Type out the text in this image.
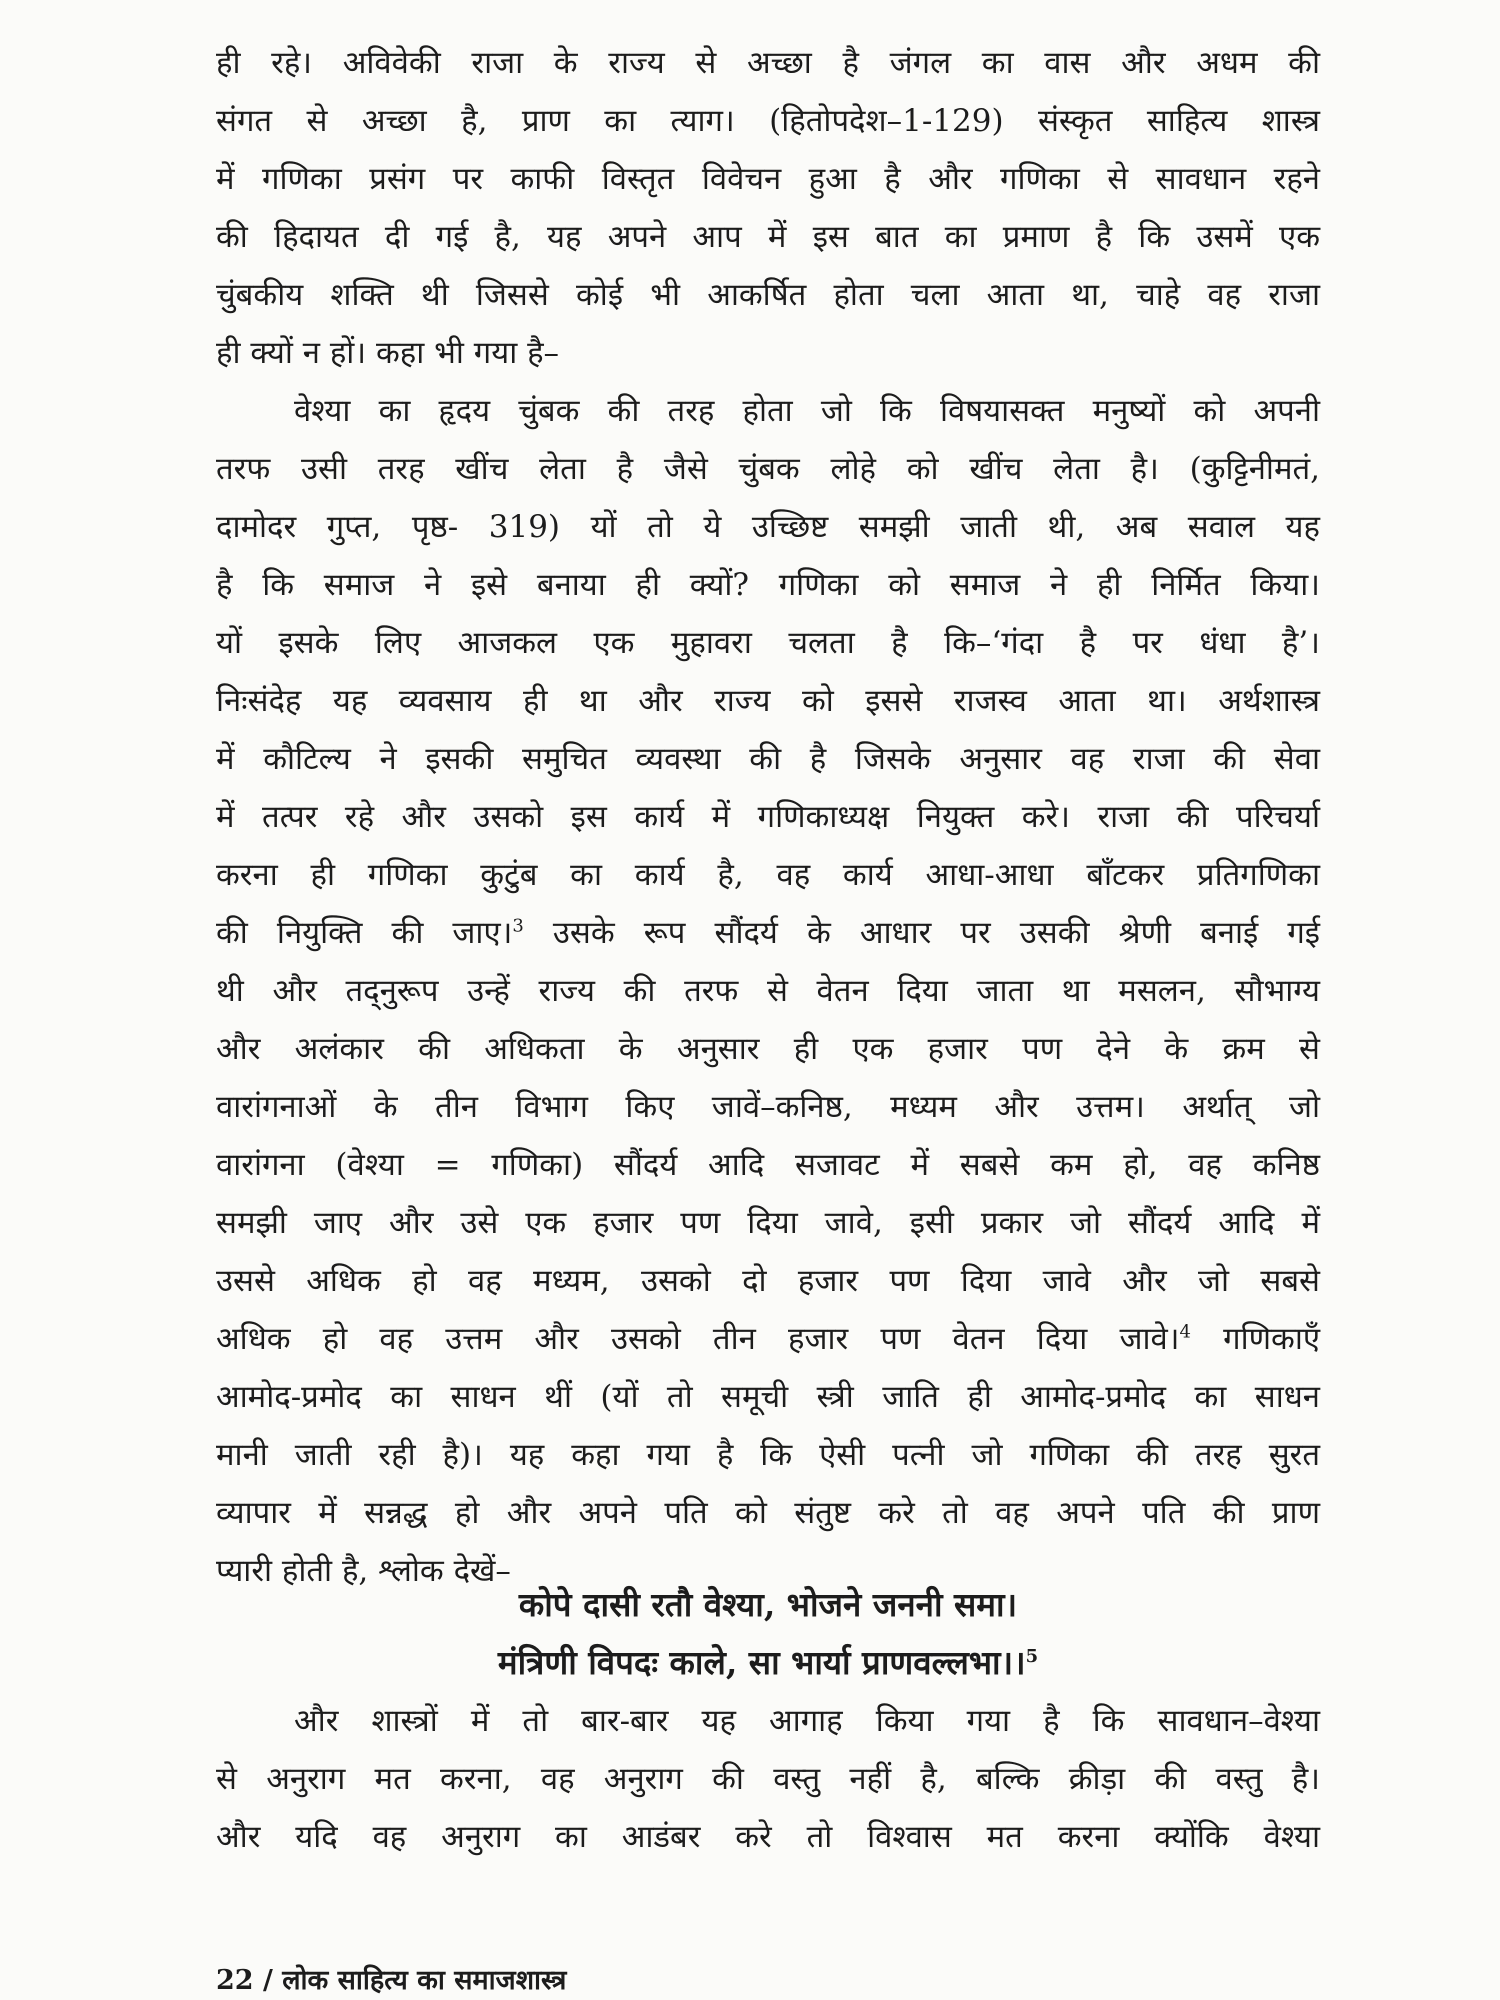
ही रहे। अविवेकी राजा के राज्य से अच्छा है जंगल का वास और अधम की
संगत से अच्छा है, प्राण का त्याग। (हितोपदेश–1-129) संस्कृत साहित्य शास्त्र
में गणिका प्रसंग पर काफी विस्तृत विवेचन हुआ है और गणिका से सावधान रहने
की हिदायत दी गई है, यह अपने आप में इस बात का प्रमाण है कि उसमें एक
चुंबकीय शक्ति थी जिससे कोई भी आकर्षित होता चला आता था, चाहे वह राजा
ही क्यों न हों। कहा भी गया है–
वेश्या का हृदय चुंबक की तरह होता जो कि विषयासक्त मनुष्यों को अपनी
तरफ उसी तरह खींच लेता है जैसे चुंबक लोहे को खींच लेता है। (कुट्टिनीमतं,
दामोदर गुप्त, पृष्ठ- 319) यों तो ये उच्छिष्ट समझी जाती थी, अब सवाल यह
है कि समाज ने इसे बनाया ही क्यों? गणिका को समाज ने ही निर्मित किया।
यों इसके लिए आजकल एक मुहावरा चलता है कि–‘गंदा है पर धंधा है’।
निःसंदेह यह व्यवसाय ही था और राज्य को इससे राजस्व आता था। अर्थशास्त्र
में कौटिल्य ने इसकी समुचित व्यवस्था की है जिसके अनुसार वह राजा की सेवा
में तत्पर रहे और उसको इस कार्य में गणिकाध्यक्ष नियुक्त करे। राजा की परिचर्या
करना ही गणिका कुटुंब का कार्य है, वह कार्य आधा-आधा बाँटकर प्रतिगणिका
की नियुक्ति की जाए।$^3$ उसके रूप सौंदर्य के आधार पर उसकी श्रेणी बनाई गई
थी और तद्नुरूप उन्हें राज्य की तरफ से वेतन दिया जाता था मसलन, सौभाग्य
और अलंकार की अधिकता के अनुसार ही एक हजार पण देने के क्रम से
वारांगनाओं के तीन विभाग किए जावें–कनिष्ठ, मध्यम और उत्तम। अर्थात् जो
वारांगना (वेश्या = गणिका) सौंदर्य आदि सजावट में सबसे कम हो, वह कनिष्ठ
समझी जाए और उसे एक हजार पण दिया जावे, इसी प्रकार जो सौंदर्य आदि में
उससे अधिक हो वह मध्यम, उसको दो हजार पण दिया जावे और जो सबसे
अधिक हो वह उत्तम और उसको तीन हजार पण वेतन दिया जावे।$^4$ गणिकाएँ
आमोद-प्रमोद का साधन थीं (यों तो समूची स्त्री जाति ही आमोद-प्रमोद का साधन
मानी जाती रही है)। यह कहा गया है कि ऐसी पत्नी जो गणिका की तरह सुरत
व्यापार में सन्नद्ध हो और अपने पति को संतुष्ट करे तो वह अपने पति की प्राण
प्यारी होती है, श्लोक देखें–
कोपे दासी रतौ वेश्या, भोजने जननी समा।
मंत्रिणी विपदः काले, सा भार्या प्राणवल्लभा।।$^5$
और शास्त्रों में तो बार-बार यह आगाह किया गया है कि सावधान–वेश्या
से अनुराग मत करना, वह अनुराग की वस्तु नहीं है, बल्कि क्रीड़ा की वस्तु है।
और यदि वह अनुराग का आडंबर करे तो विश्वास मत करना क्योंकि वेश्या
22 / लोक साहित्य का समाजशास्त्र
